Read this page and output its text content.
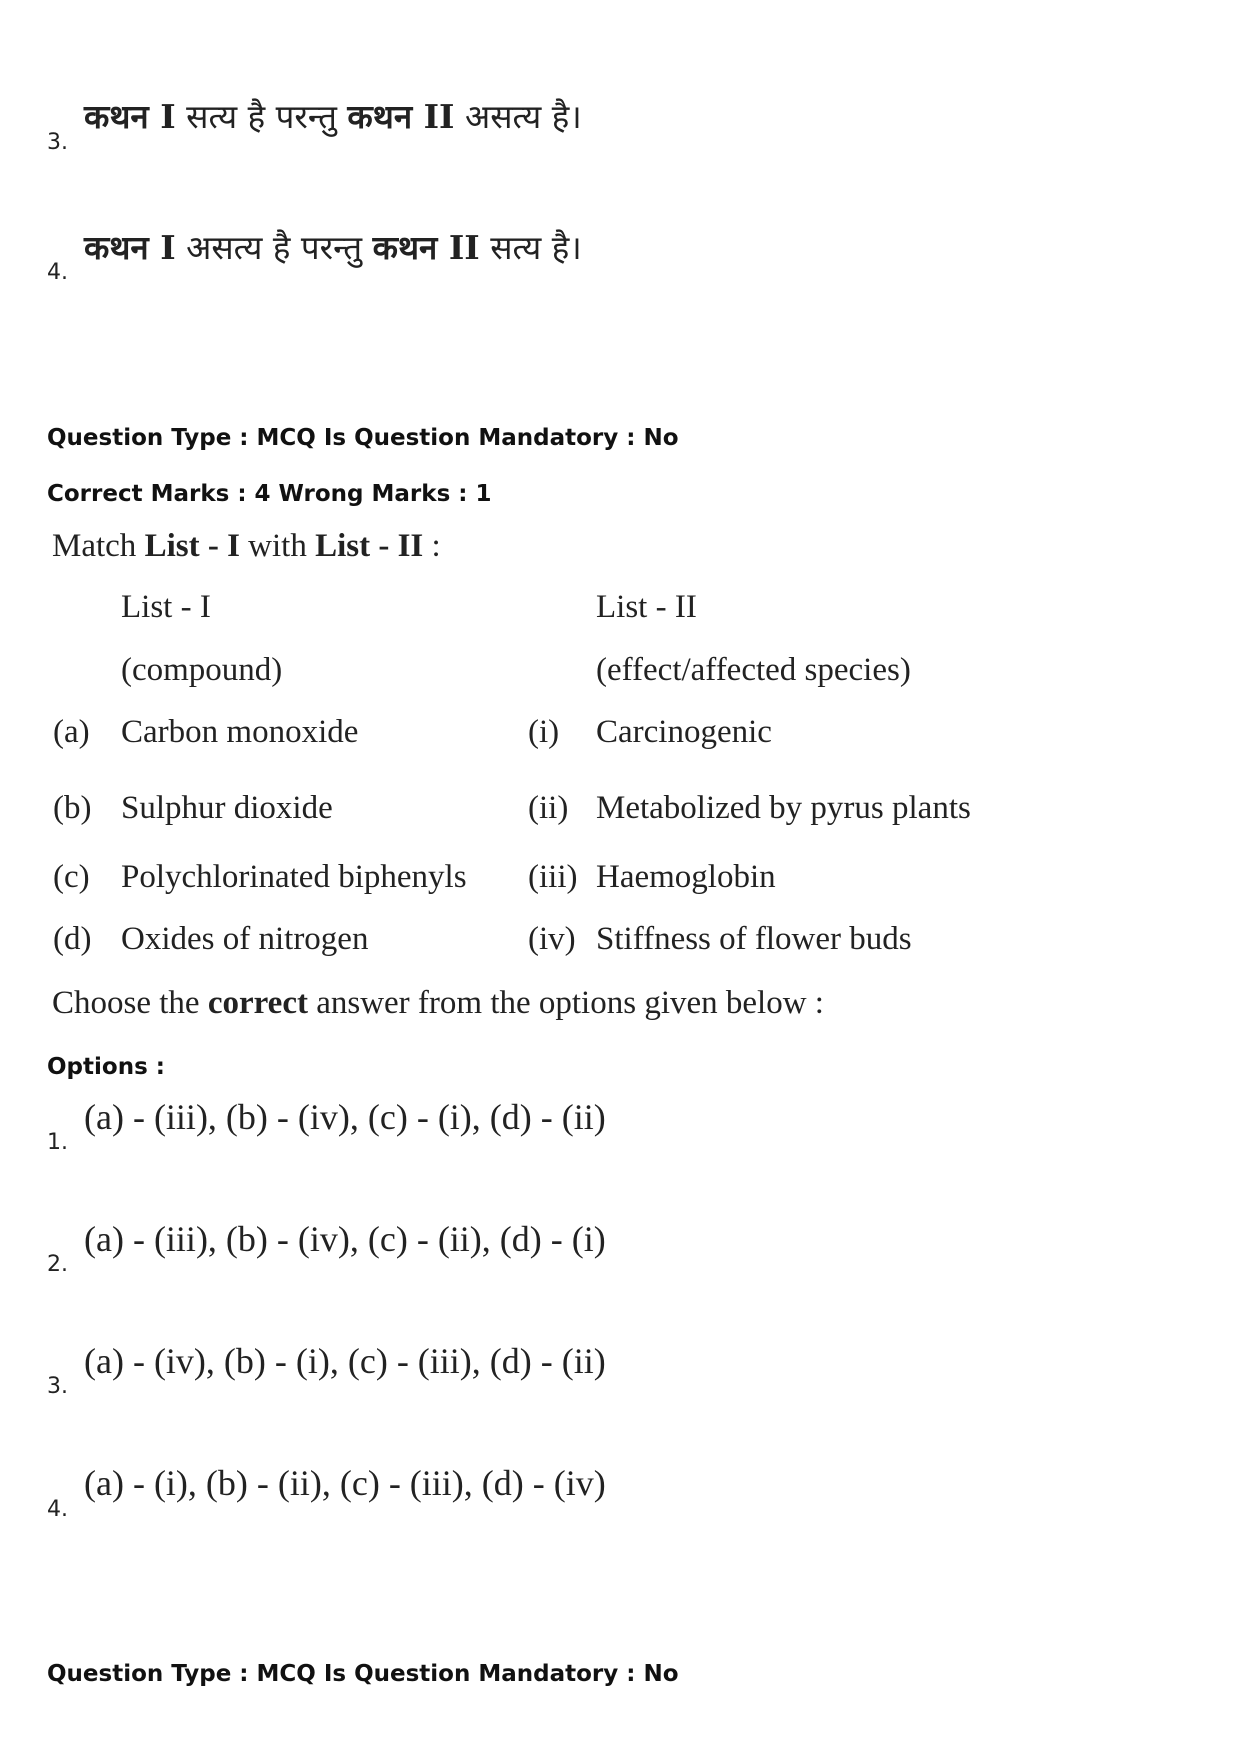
3.
कथन I सत्य है परन्तु कथन II असत्य है।
4.
कथन I असत्य है परन्तु कथन II सत्य है।
Question Type : MCQ Is Question Mandatory : No
Correct Marks : 4 Wrong Marks : 1
Match List - I with List - II :
List - I	List - II
(compound)	(effect/affected species)
(a) Carbon monoxide	(i) Carcinogenic
(b) Sulphur dioxide	(ii) Metabolized by pyrus plants
(c) Polychlorinated biphenyls (iii) Haemoglobin
(d) Oxides of nitrogen	(iv) Stiffness of flower buds
Choose the correct answer from the options given below :
Options :
1.
(a) - (iii), (b) - (iv), (c) - (i), (d) - (ii)
2.
(a) - (iii), (b) - (iv), (c) - (ii), (d) - (i)
3.
(a) - (iv), (b) - (i), (c) - (iii), (d) - (ii)
4.
(a) - (i), (b) - (ii), (c) - (iii), (d) - (iv)
Question Type : MCQ Is Question Mandatory : No
